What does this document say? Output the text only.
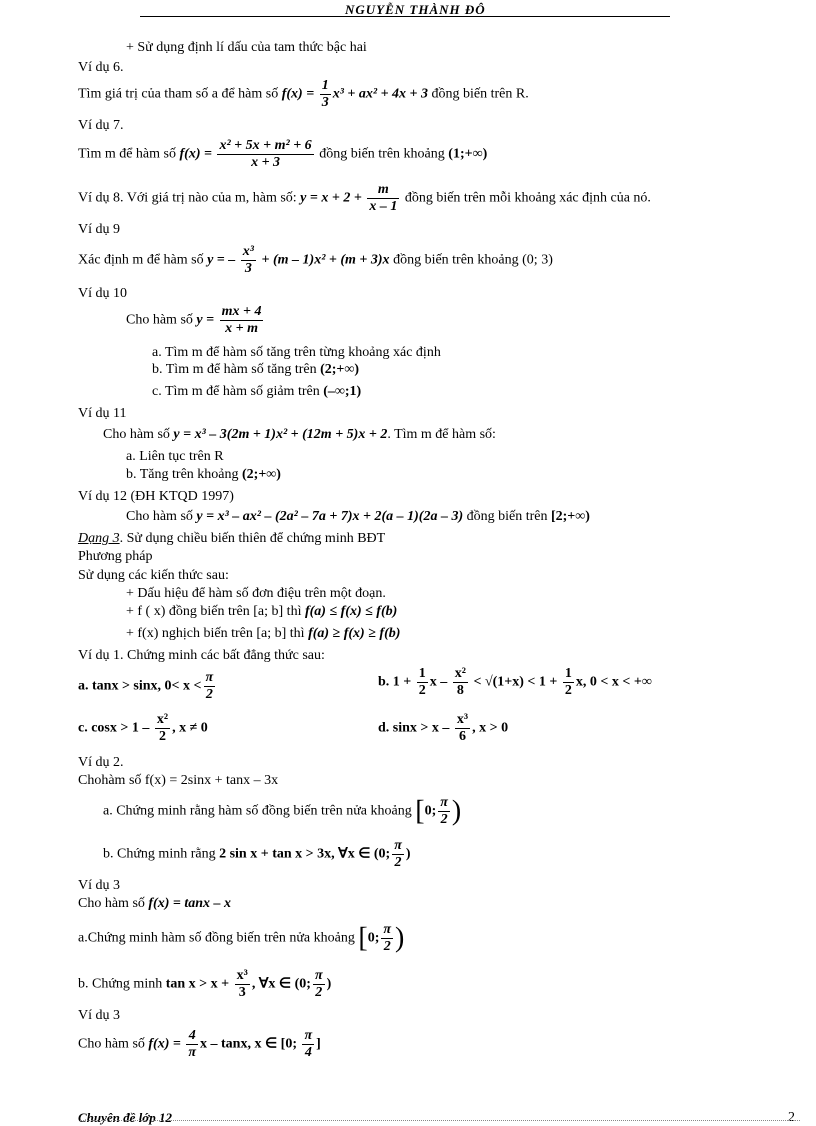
NGUYỄN THÀNH ĐÔ
+ Sử dụng định lí dấu của tam thức bậc hai
Ví dụ 6.
Tìm giá trị của tham số a để hàm số $f(x) = \frac{1}{3} x^3 + ax^2 + 4x + 3$ đồng biến trên R.
Ví dụ 7.
Tìm m để hàm số $f(x) = \frac{\text{x² + 5x + m² + 6}}{x + 3}$ đồng biến trên khoảng (1;+∞)
Ví dụ 8. Với giá trị nào của m, hàm số: $y = x + 2 + \frac{m}{x - 1}$ đồng biến trên mỗi khoảng xác định của nó.
Ví dụ 9
Xác định m để hàm số y = – $\frac{\text{x³}}{3} + (m - 1)x^2 + (m + 3)x$ đồng biến trên khoảng (0; 3)
Ví dụ 10
Cho hàm số $y = \frac{mx + 4}{x + m}$
a. Tìm m để hàm số tăng trên từng khoảng xác định
b. Tìm m để hàm số tăng trên (2;+∞)
c. Tìm m để hàm số giảm trên (–∞;1)
Ví dụ 11
Cho hàm số y = x³ – 3(2m + 1)x² + (12m + 5)x + 2. Tìm m để hàm số:
a. Liên tục trên R
b. Tăng trên khoảng (2;+∞)
Ví dụ 12 (ĐH KTQD 1997)
Cho hàm số y = x³ – ax² – (2a² – 7a + 7)x + 2(a – 1)(2a – 3) đồng biến trên [2;+∞)
Dạng 3. Sử dụng chiều biến thiên để chứng minh BĐT
Phương pháp
Sử dụng các kiến thức sau:
+ Dấu hiệu để hàm số đơn điệu trên một đoạn.
+ f ( x) đồng biến trên [a; b] thì f(a) ≤ f(x) ≤ f(b)
+ f(x) nghịch biến trên [a; b] thì f(a) ≥ f(x) ≥ f(b)
Ví dụ 1. Chứng minh các bất đẳng thức sau:
a. tanx > sinx, $0< x < \frac{\pi}{2}$	b. $1 + \frac{1}{2}$ $x - \frac{\text{x²}}{8} < √(1+x) < 1 + \frac{1}{2} x$, 0 < x < +∞
c. $\cos x > 1 - \frac{\text{x²}}{2}$ , x ≠ 0	d. $\sin x > x - \frac{\text{x³}}{6}$ , x > 0
Ví dụ 2.
Chohàm số f(x) = 2sinx + tanx – 3x
a. Chứng minh rằng hàm số đồng biến trên nửa khoảng [0; $\frac{\pi}{2}$ )
b. Chứng minh rằng 2 sin x + tan x > 3x, ∀x ∈ (0; $\frac{\pi}{2}$ )
Ví dụ 3
Cho hàm số f(x) = tanx – x
a.Chứng minh hàm số đồng biến trên nửa khoảng [0; $\frac{\pi}{2}$ )
b. Chứng minh $\tan x > x + \frac{\text{x³}}{3}$ , ∀x ∈ (0; $\frac{\pi}{2}$ )
Ví dụ 3
Cho hàm số $f(x) = \frac{4}{\pi}$ x – tanx, x ∈ [0; $\frac{\pi}{4}$ ]
Chuyên đề lớp 12	2
